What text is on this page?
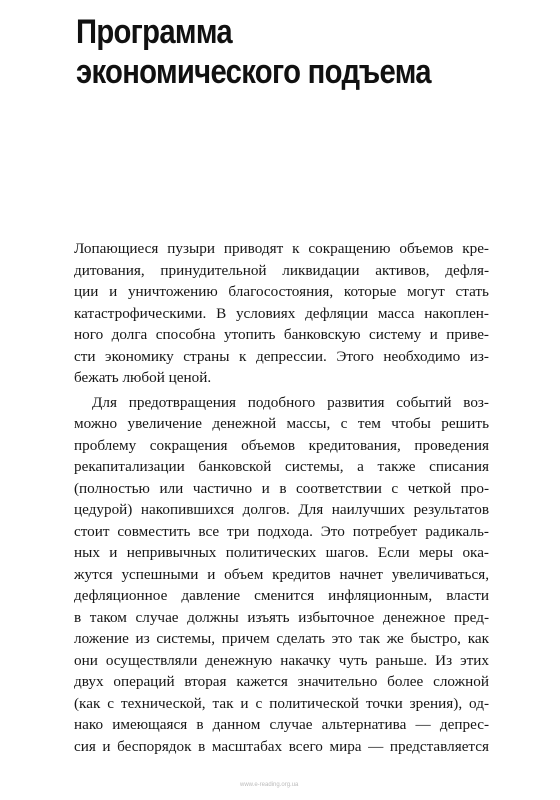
Программа
экономического подъема

Лопающиеся пузыри приводят к сокращению объемов кре-
дитования, принудительной ликвидации активов, дефля-
ции и уничтожению благосостояния, которые могут стать
катастрофическими. В условиях дефляции масса накоплен-
ного долга способна утопить банковскую систему и приве-
сти экономику страны к депрессии. Этого необходимо из-
бежать любой ценой.

Для предотвращения подобного развития событий воз-
можно увеличение денежной массы, с тем чтобы решить
проблему сокращения объемов кредитования, проведения
рекапитализации банковской системы, а также списания
(полностью или частично и в соответствии с четкой про-
цедурой) накопившихся долгов. Для наилучших результатов
стоит совместить все три подхода. Это потребует радикаль-
ных и непривычных политических шагов. Если меры ока-
жутся успешными и объем кредитов начнет увеличиваться,
дефляционное давление сменится инфляционным, власти
в таком случае должны изъять избыточное денежное пред-
ложение из системы, причем сделать это так же быстро, как
они осуществляли денежную накачку чуть раньше. Из этих
двух операций вторая кажется значительно более сложной
(как с технической, так и с политической точки зрения), од-
нако имеющаяся в данном случае альтернатива — депрес-
сия и беспорядок в масштабах всего мира — представляется

www.e-reading.org.ua
